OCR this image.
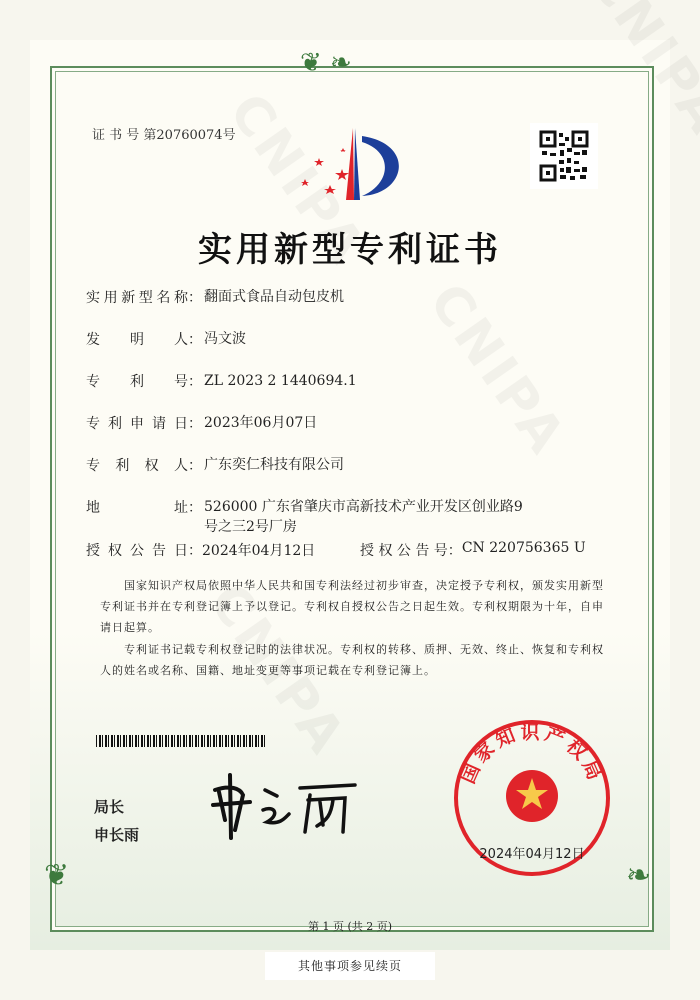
❦ ❧
❦	❧
证 书 号 第20760074号
实用新型专利证书
实 用 新 型 名 称 ： 翻面式食品自动包皮机
发 明 人 ： 冯文波
专 利 号 ： ZL 2023 2 1440694.1
专 利 申 请 日 ： 2023年06月07日
专 利 权 人 ： 广东奕仁科技有限公司
地	址 ： 526000 广东省肇庆市高新技术产业开发区创业路9号之三2号厂房
授 权 公 告 日 ： 2024年04月12日	授 权 公 告 号： CN 220756365 U
国家知识产权局依照中华人民共和国专利法经过初步审查，决定授予专利权，颁发实用新型专利证书并在专利登记簿上予以登记。专利权自授权公告之日起生效。专利权期限为十年，自申请日起算。
专利证书记载专利权登记时的法律状况。专利权的转移、质押、无效、终止、恢复和专利权人的姓名或名称、国籍、地址变更等事项记载在专利登记簿上。
局长
申长雨
国家知识产权局
2024年04月12日
第 1 页 (共 2 页)
其他事项参见续页
